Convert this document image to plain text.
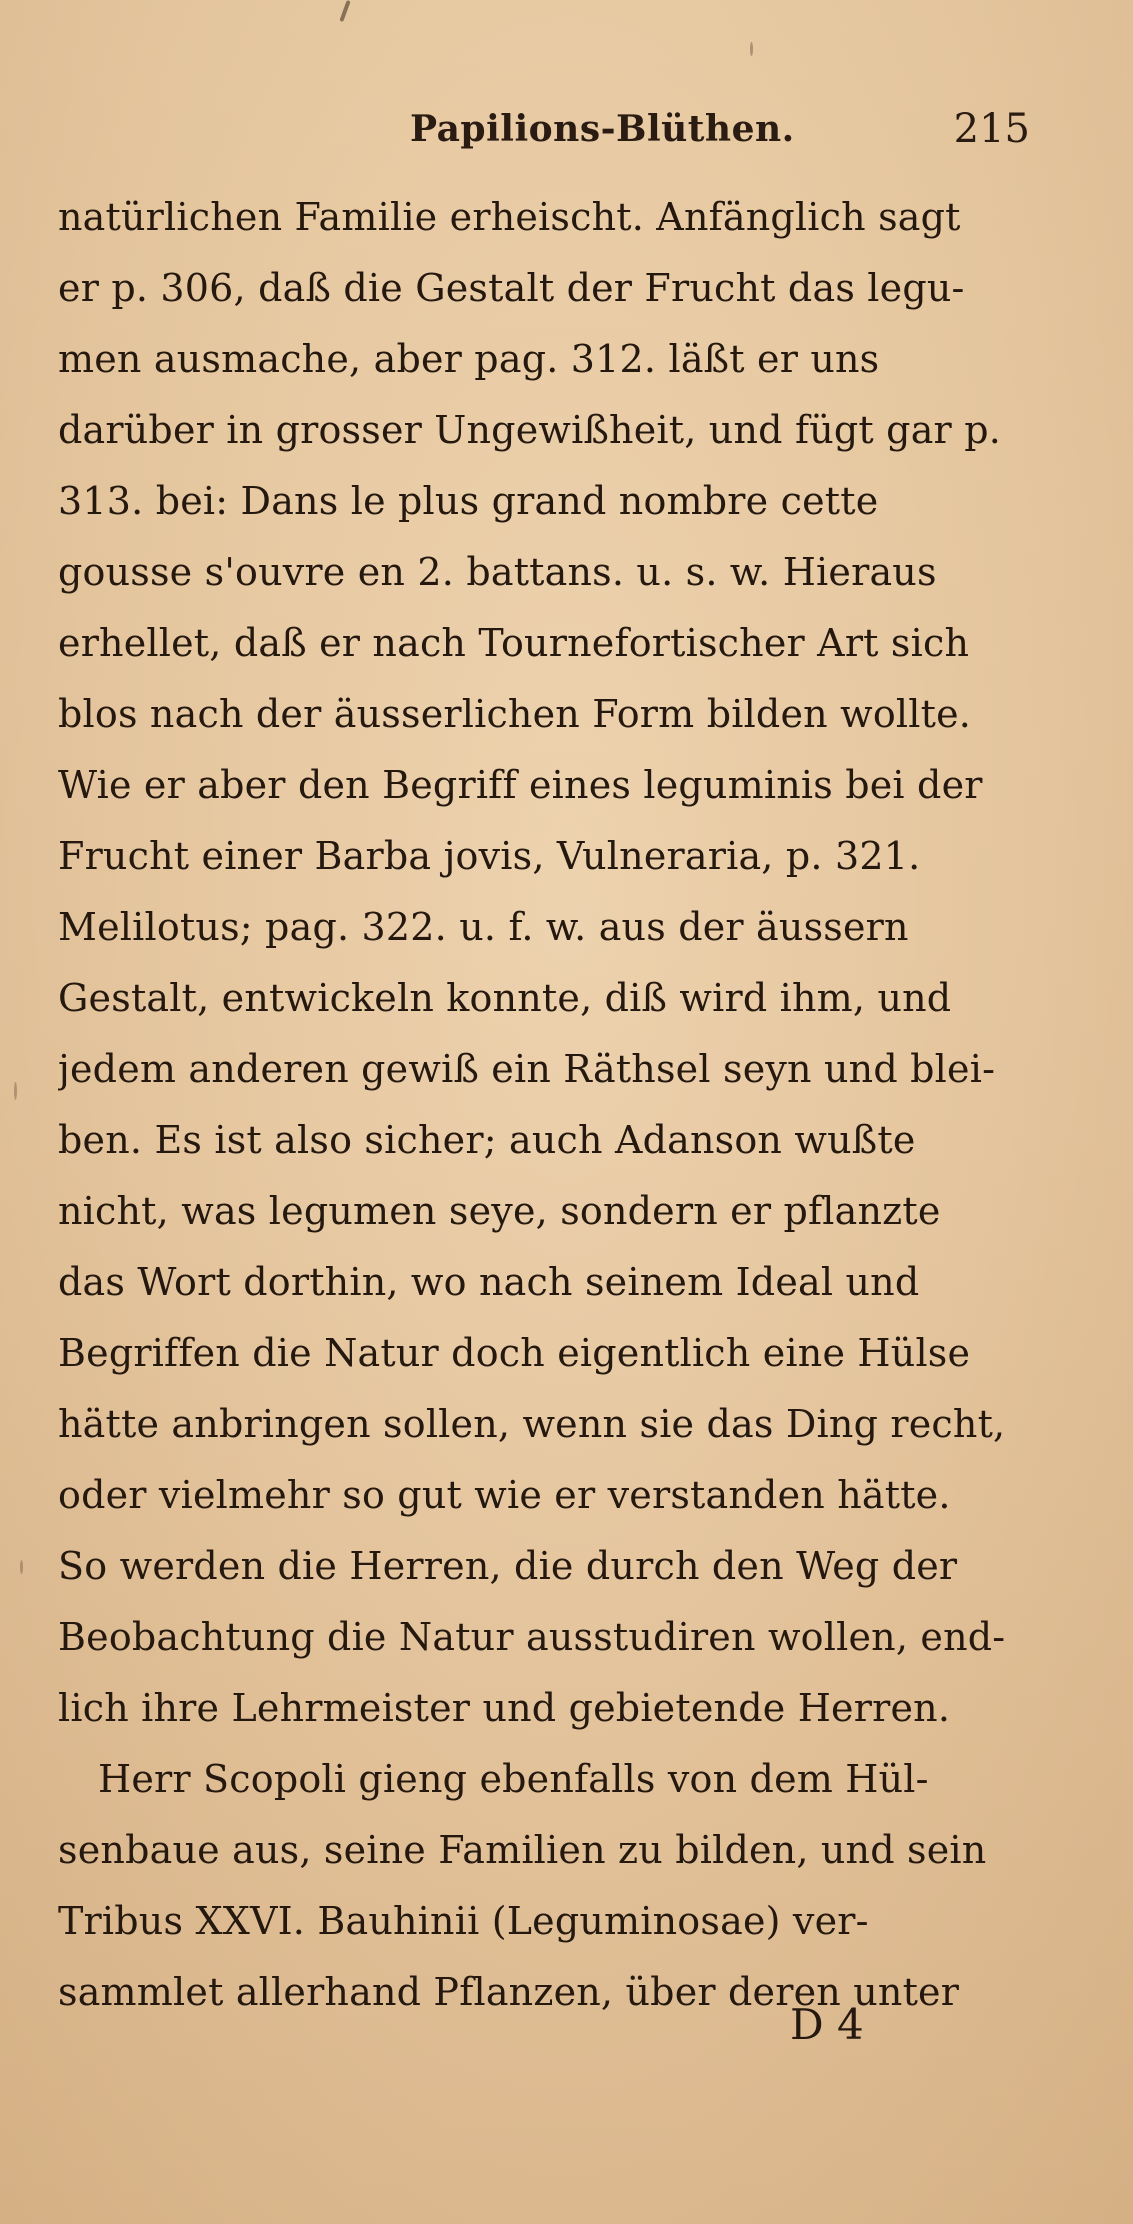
Papilions-Blüthen.	215
natürlichen Familie erheischt. Anfänglich sagt
er p. 306, daß die Gestalt der Frucht das legu-
men ausmache, aber pag. 312. läßt er uns
darüber in grosser Ungewißheit, und fügt gar p.
313. bei: Dans le plus grand nombre cette
gousse s'ouvre en 2. battans. u. s. w. Hieraus
erhellet, daß er nach Tournefortischer Art sich
blos nach der äusserlichen Form bilden wollte.
Wie er aber den Begriff eines leguminis bei der
Frucht einer Barba jovis, Vulneraria, p. 321.
Melilotus; pag. 322. u. f. w. aus der äussern
Gestalt, entwickeln konnte, diß wird ihm, und
jedem anderen gewiß ein Räthsel seyn und blei-
ben. Es ist also sicher; auch Adanson wußte
nicht, was legumen seye, sondern er pflanzte
das Wort dorthin, wo nach seinem Ideal und
Begriffen die Natur doch eigentlich eine Hülse
hätte anbringen sollen, wenn sie das Ding recht,
oder vielmehr so gut wie er verstanden hätte.
So werden die Herren, die durch den Weg der
Beobachtung die Natur ausstudiren wollen, end-
lich ihre Lehrmeister und gebietende Herren.
Herr Scopoli gieng ebenfalls von dem Hül-
senbaue aus, seine Familien zu bilden, und sein
Tribus XXVI. Bauhinii (Leguminosae) ver-
sammlet allerhand Pflanzen, über deren unter
D 4
